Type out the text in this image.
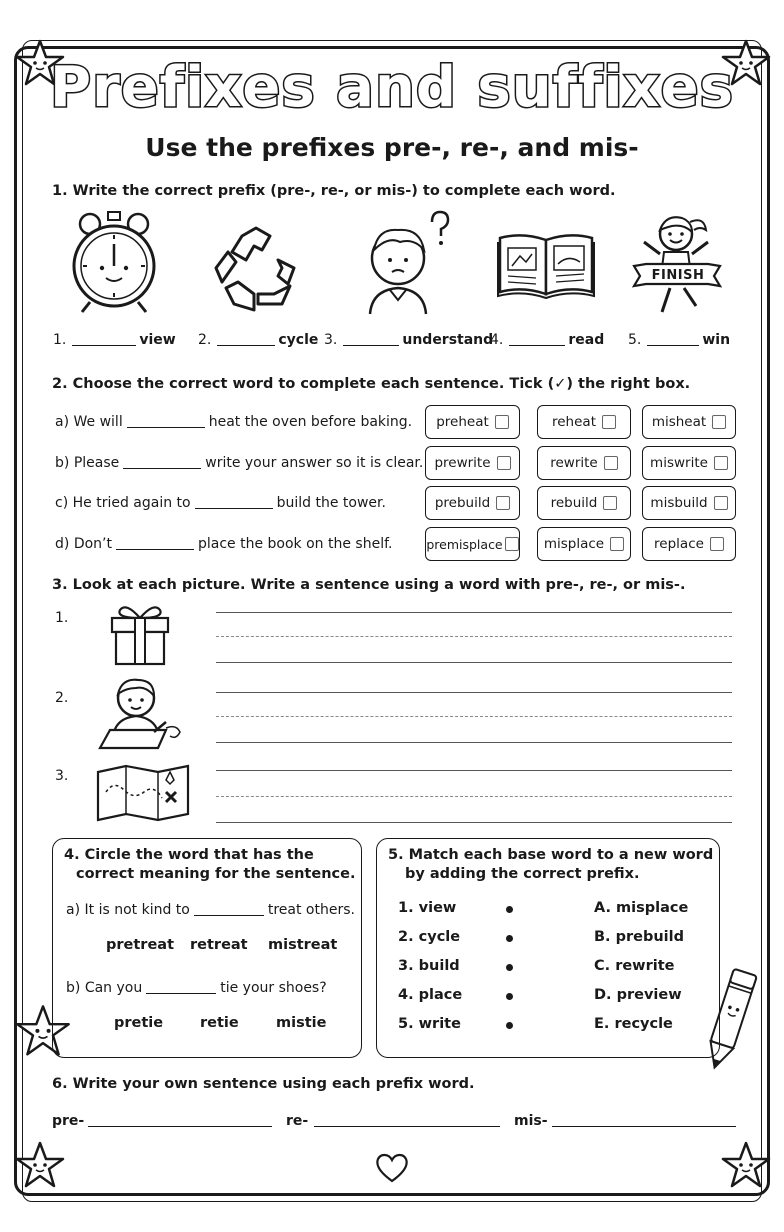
Prefixes and suffixes
Use the prefixes pre-, re-, and mis-
1. Write the correct prefix (pre-, re-, or mis-) to complete each word.
FINISH
1.	view 2.	cycle 3.	understand
4.	read 5.	win
2. Choose the correct word to complete each sentence. Tick (✓) the right box.
a) We will	heat the oven before baking. preheat	reheat	misheat
b) Please	write your answer so it is clear. prewrite	rewrite	miswrite
c) He tried again to	build the tower.	prebuild	rebuild	misbuild
d) Don’t	place the book on the shelf.	premisplace	misplace	replace
3. Look at each picture. Write a sentence using a word with pre-, re-, or mis-.
1.
2.
3.
4. Circle the word that has the
correct meaning for the sentence.
a) It is not kind to	treat others.
pretreat retreat mistreat
b) Can you	tie your shoes?
pretie	retie	mistie
5. Match each base word to a new word
by adding the correct prefix.
1. view
2. cycle
3. build
4. place
5. write
A. misplace
B. prebuild
C. rewrite
D. preview
E. recycle
6. Write your own sentence using each prefix word.
pre-	re-	mis-
